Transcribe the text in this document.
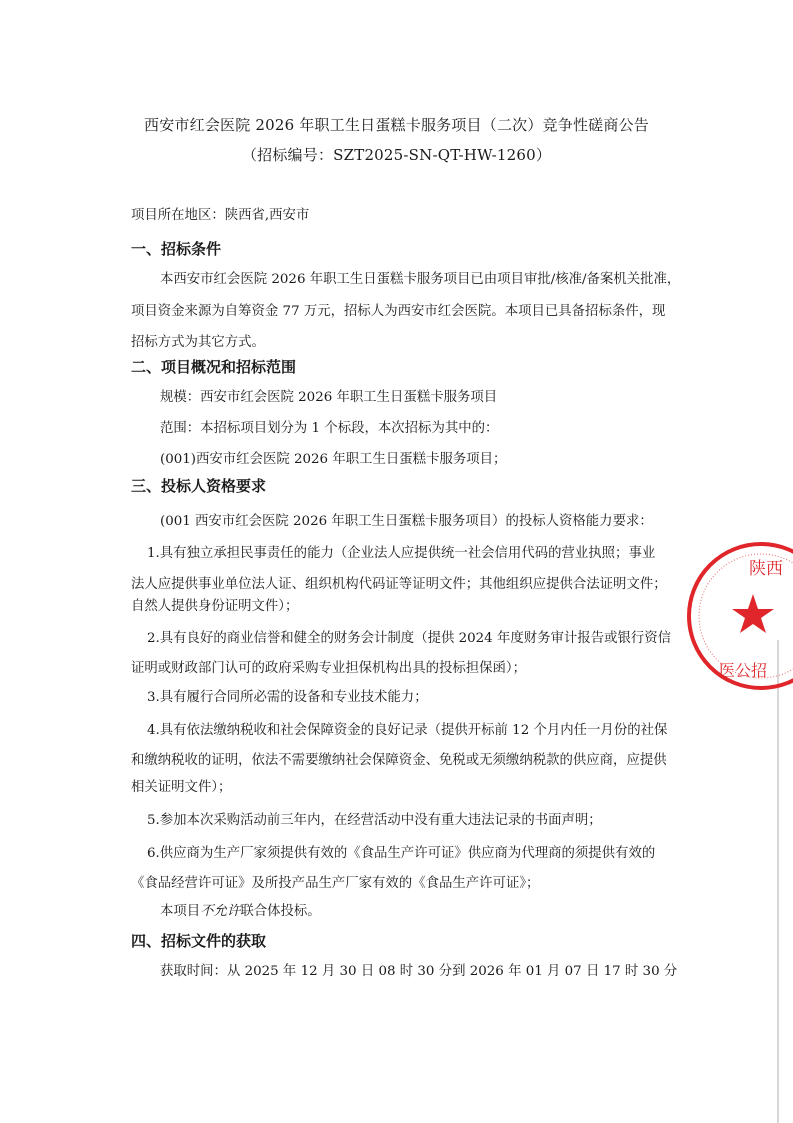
西安市红会医院 2026 年职工生日蛋糕卡服务项目（二次）竞争性磋商公告
（招标编号：SZT2025-SN-QT-HW-1260）
项目所在地区：陕西省,西安市
一、招标条件
本西安市红会医院 2026 年职工生日蛋糕卡服务项目已由项目审批/核准/备案机关批准，
项目资金来源为自筹资金 77 万元，招标人为西安市红会医院。本项目已具备招标条件，现
招标方式为其它方式。
二、项目概况和招标范围
规模：西安市红会医院 2026 年职工生日蛋糕卡服务项目
范围：本招标项目划分为 1 个标段，本次招标为其中的：
(001)西安市红会医院 2026 年职工生日蛋糕卡服务项目；
三、投标人资格要求
(001 西安市红会医院 2026 年职工生日蛋糕卡服务项目）的投标人资格能力要求：
1.具有独立承担民事责任的能力（企业法人应提供统一社会信用代码的营业执照；事业
法人应提供事业单位法人证、组织机构代码证等证明文件；其他组织应提供合法证明文件；
自然人提供身份证明文件）；
2.具有良好的商业信誉和健全的财务会计制度（提供 2024 年度财务审计报告或银行资信
证明或财政部门认可的政府采购专业担保机构出具的投标担保函）；
3.具有履行合同所必需的设备和专业技术能力；
4.具有依法缴纳税收和社会保障资金的良好记录（提供开标前 12 个月内任一月份的社保
和缴纳税收的证明，依法不需要缴纳社会保障资金、免税或无须缴纳税款的供应商，应提供
相关证明文件）；
5.参加本次采购活动前三年内，在经营活动中没有重大违法记录的书面声明；
6.供应商为生产厂家须提供有效的《食品生产许可证》供应商为代理商的须提供有效的
《食品经营许可证》及所投产品生产厂家有效的《食品生产许可证》；
本项目不允许联合体投标。
四、招标文件的获取
获取时间：从 2025 年 12 月 30 日 08 时 30 分到 2026 年 01 月 07 日 17 时 30 分
陕西
医公招
